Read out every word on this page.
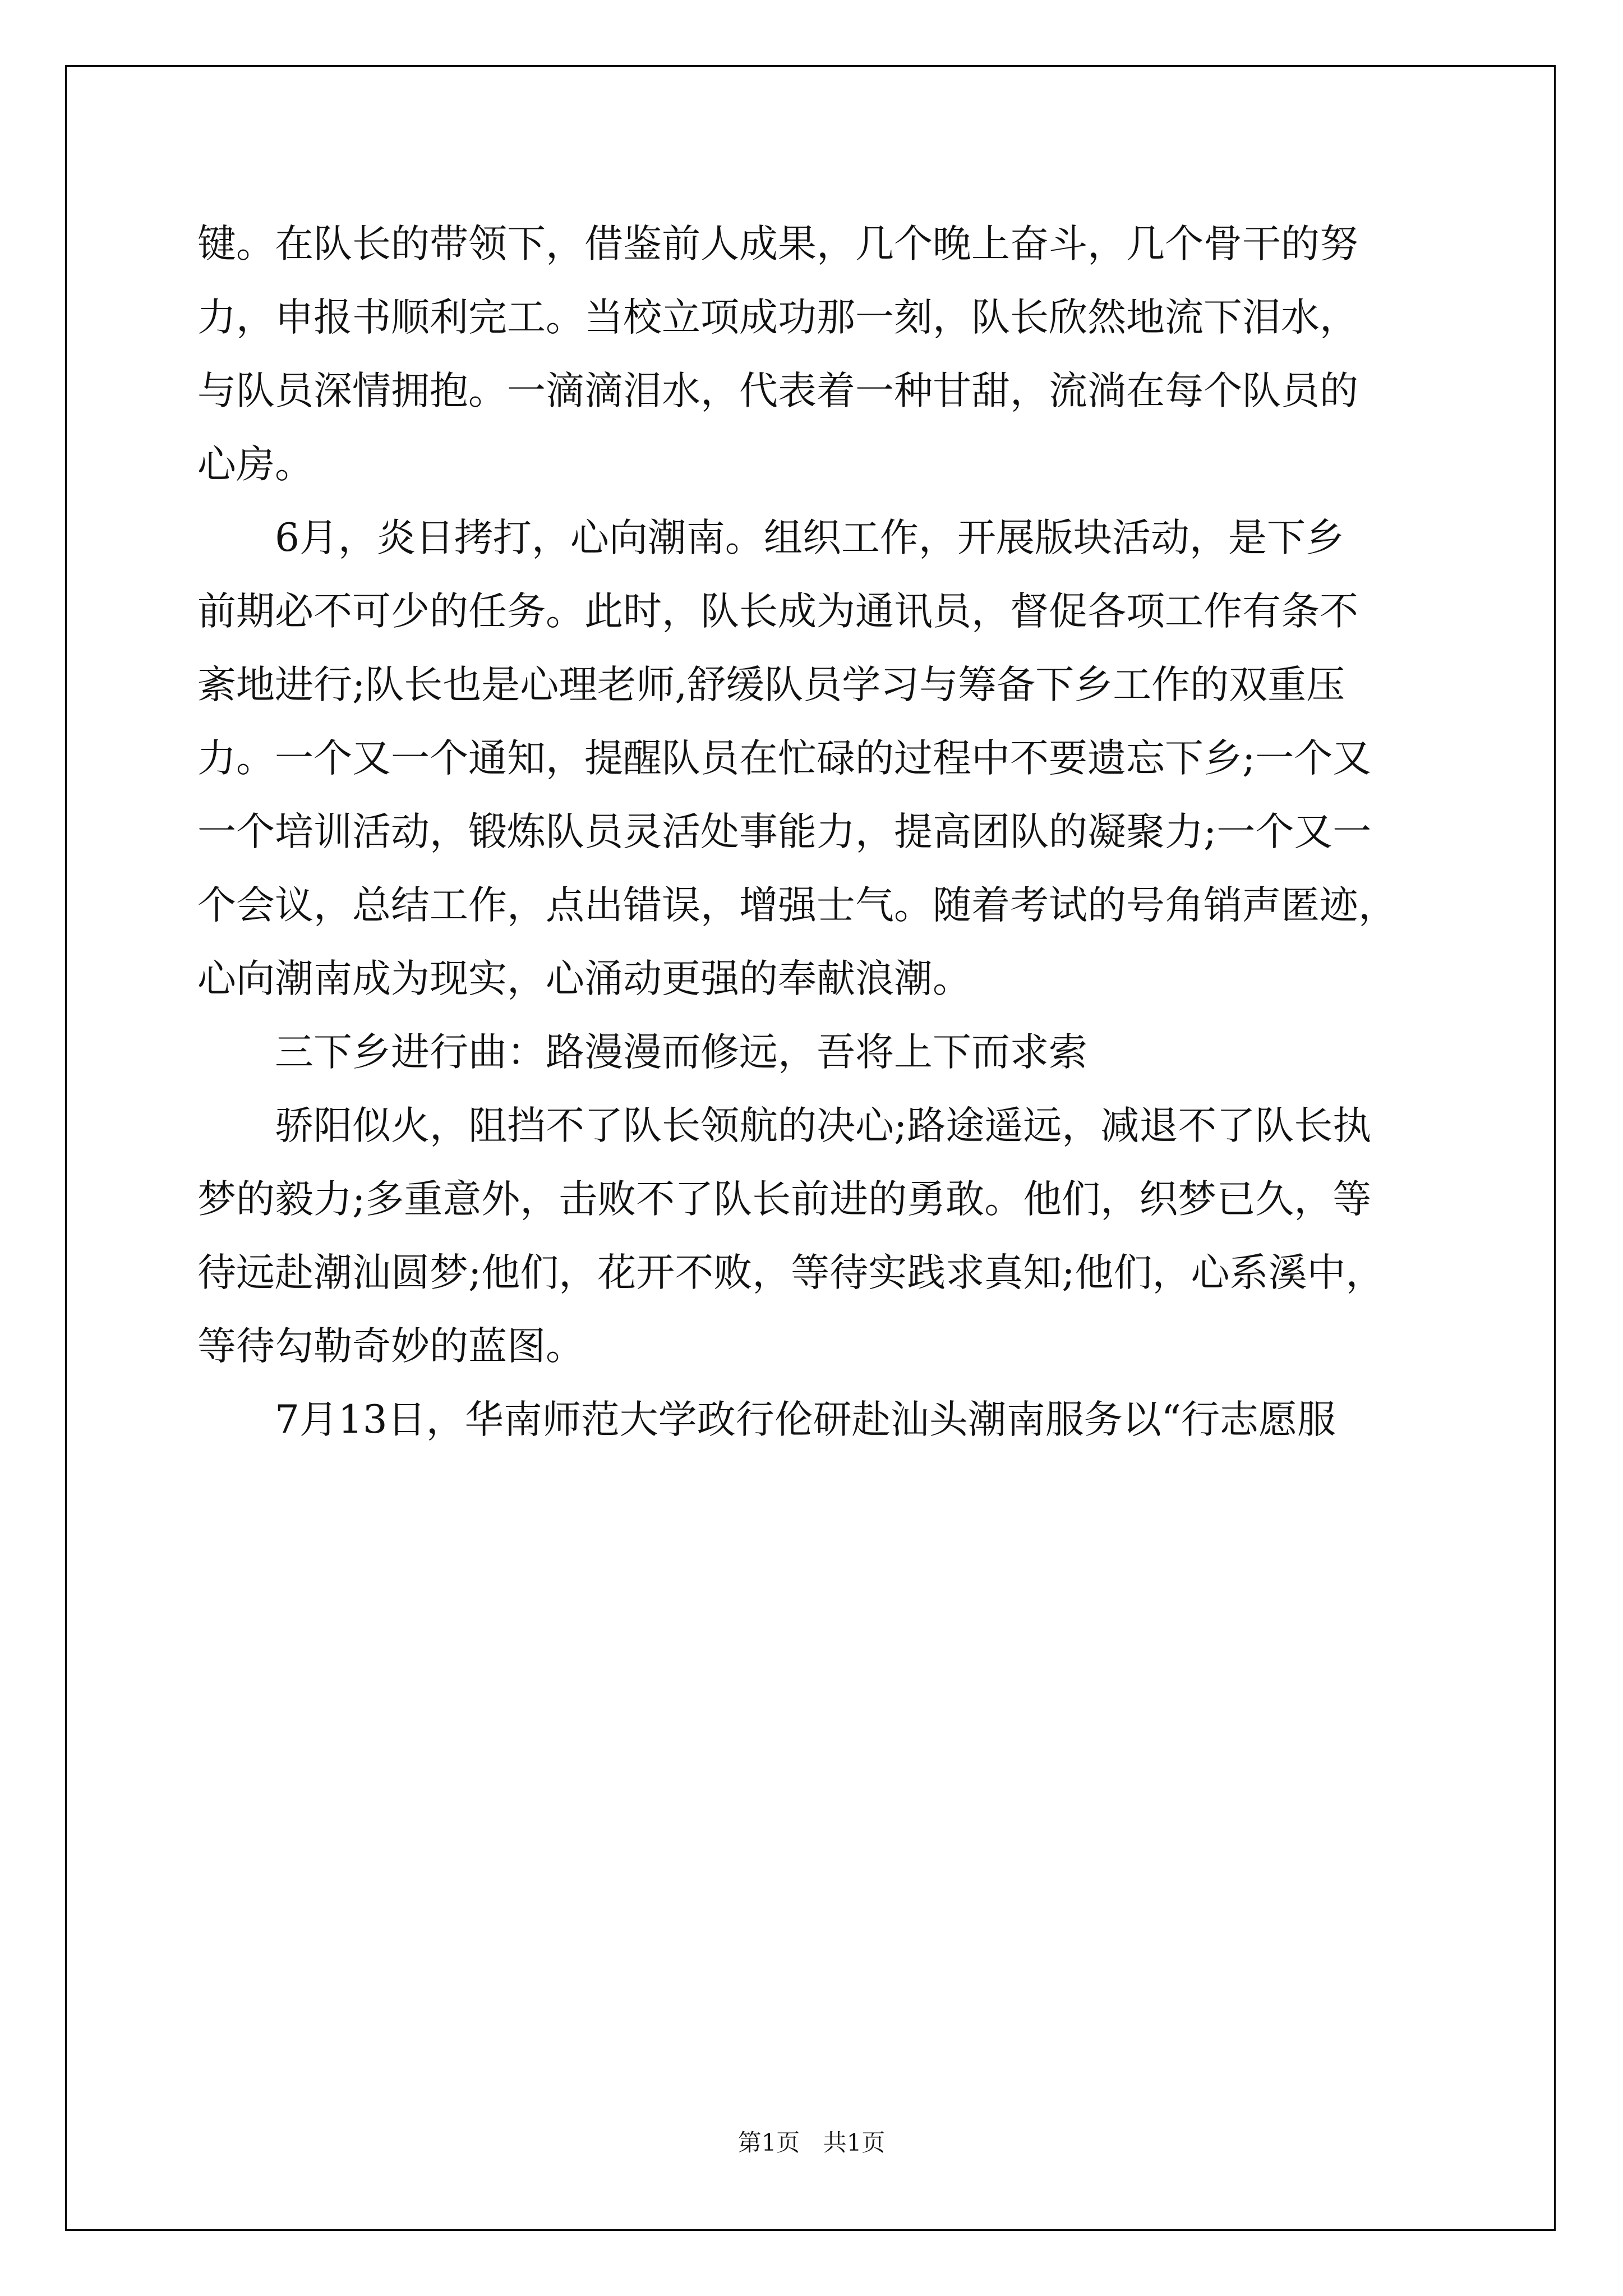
键。在队长的带领下，借鉴前人成果，几个晚上奋斗，几个骨干的努
力，申报书顺利完工。当校立项成功那一刻，队长欣然地流下泪水，
与队员深情拥抱。一滴滴泪水，代表着一种甘甜，流淌在每个队员的
心房。
　　6月，炎日拷打，心向潮南。组织工作，开展版块活动，是下乡
前期必不可少的任务。此时，队长成为通讯员，督促各项工作有条不
紊地进行;队长也是心理老师,舒缓队员学习与筹备下乡工作的双重压
力。一个又一个通知，提醒队员在忙碌的过程中不要遗忘下乡;一个又
一个培训活动，锻炼队员灵活处事能力，提高团队的凝聚力;一个又一
个会议，总结工作，点出错误，增强士气。随着考试的号角销声匿迹，
心向潮南成为现实，心涌动更强的奉献浪潮。
　　三下乡进行曲：路漫漫而修远，吾将上下而求索
　　骄阳似火，阻挡不了队长领航的决心;路途遥远，减退不了队长执
梦的毅力;多重意外，击败不了队长前进的勇敢。他们，织梦已久，等
待远赴潮汕圆梦;他们，花开不败，等待实践求真知;他们，心系溪中，
等待勾勒奇妙的蓝图。
　　7月13日，华南师范大学政行伦研赴汕头潮南服务以“行志愿服
第1页 共1页
